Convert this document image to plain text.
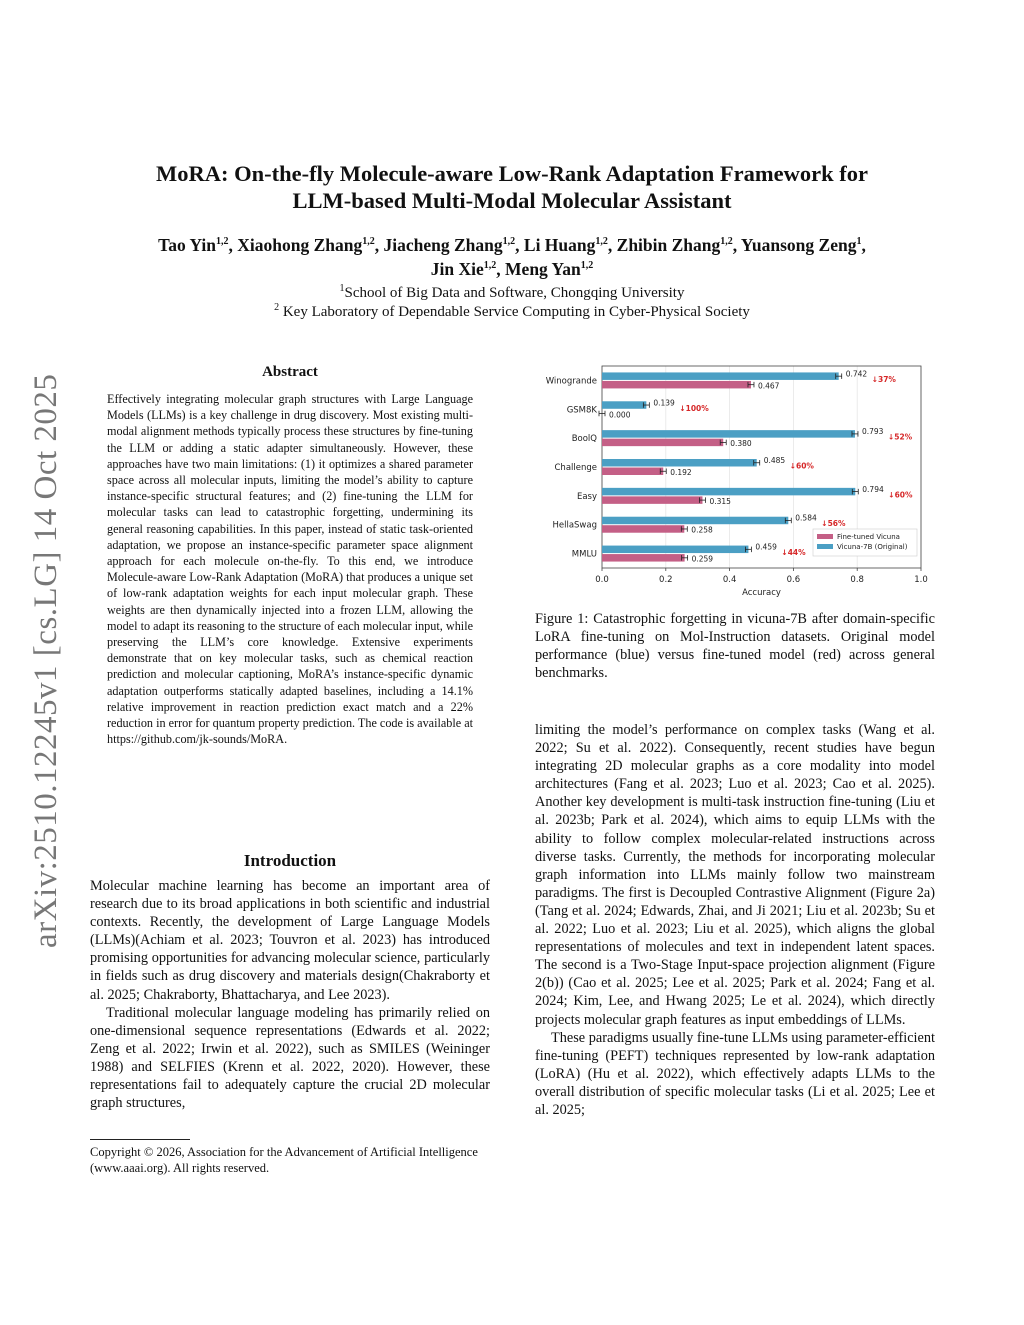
arXiv:2510.12245v1 [cs.LG] 14 Oct 2025
MoRA: On-the-fly Molecule-aware Low-Rank Adaptation Framework for
LLM-based Multi-Modal Molecular Assistant
Tao Yin$^{1,2}$, Xiaohong Zhang$^{1,2}$, Jiacheng Zhang$^{1,2}$, Li Huang$^{1,2}$, Zhibin Zhang$^{1,2}$, Yuansong Zeng$^1$,
Jin Xie$^{1,2}$, Meng Yan$^{1,2}$
$^1$School of Big Data and Software, Chongqing University
$^2$ Key Laboratory of Dependable Service Computing in Cyber-Physical Society
Abstract
Effectively integrating molecular graph structures with Large Language Models (LLMs) is a key challenge in drug discovery. Most existing multi-modal alignment methods typically process these structures by fine-tuning the LLM or adding a static adapter simultaneously. However, these approaches have two main limitations: (1) it optimizes a shared parameter space across all molecular inputs, limiting the model’s ability to capture instance-specific structural features; and (2) fine-tuning the LLM for molecular tasks can lead to catastrophic forgetting, undermining its general reasoning capabilities. In this paper, instead of static task-oriented adaptation, we propose an instance-specific parameter space alignment approach for each molecule on-the-fly. To this end, we introduce Molecule-aware Low-Rank Adaptation (MoRA) that produces a unique set of low-rank adaptation weights for each input molecular graph. These weights are then dynamically injected into a frozen LLM, allowing the model to adapt its reasoning to the structure of each molecular input, while preserving the LLM’s core knowledge. Extensive experiments demonstrate that on key molecular tasks, such as chemical reaction prediction and molecular captioning, MoRA’s instance-specific dynamic adaptation outperforms statically adapted baselines, including a 14.1% relative improvement in reaction prediction exact match and a 22% reduction in error for quantum property prediction. The code is available at https://github.com/jk-sounds/MoRA.
Introduction

Molecular machine learning has become an important area of research due to its broad applications in both scientific and industrial contexts. Recently, the development of Large Language Models (LLMs)(Achiam et al. 2023; Touvron et al. 2023) has introduced promising opportunities for advancing molecular science, particularly in fields such as drug discovery and materials design(Chakraborty et al. 2025; Chakraborty, Bhattacharya, and Lee 2023).

Traditional molecular language modeling has primarily relied on one-dimensional sequence representations (Edwards et al. 2022; Zeng et al. 2022; Irwin et al. 2022), such as SMILES (Weininger 1988) and SELFIES (Krenn et al. 2022, 2020). However, these representations fail to adequately capture the crucial 2D molecular graph structures,

Copyright © 2026, Association for the Advancement of Artificial Intelligence (www.aaai.org). All rights reserved.
0.742
↓37%
0.467
Winogrande
0.139
↓100%
0.000
GSM8K
0.793
↓52%
0.380
BoolQ
0.485
↓60%
0.192
Challenge
0.794
↓60%
0.315
Easy
0.584
↓56%
0.258
HellaSwag
0.459
↓44%
0.259
MMLU
0.0	0.2	0.4	0.6	0.8	1.0
Accuracy
Fine-tuned Vicuna
Vicuna-7B (Original)
Figure 1: Catastrophic forgetting in vicuna-7B after domain-specific LoRA fine-tuning on Mol-Instruction datasets. Original model performance (blue) versus fine-tuned model (red) across general benchmarks.

limiting the model’s performance on complex tasks (Wang et al. 2022; Su et al. 2022). Consequently, recent studies have begun integrating 2D molecular graphs as a core modality into model architectures (Fang et al. 2023; Luo et al. 2023; Cao et al. 2025). Another key development is multi-task instruction fine-tuning (Liu et al. 2023b; Park et al. 2024), which aims to equip LLMs with the ability to follow complex molecular-related instructions across diverse tasks. Currently, the methods for incorporating molecular graph information into LLMs mainly follow two mainstream paradigms. The first is Decoupled Contrastive Alignment (Figure 2a) (Tang et al. 2024; Edwards, Zhai, and Ji 2021; Liu et al. 2023b; Su et al. 2022; Luo et al. 2023; Liu et al. 2025), which aligns the global representations of molecules and text in independent latent spaces. The second is a Two-Stage Input-space projection alignment (Figure 2(b)) (Cao et al. 2025; Lee et al. 2025; Park et al. 2024; Fang et al. 2024; Kim, Lee, and Hwang 2025; Le et al. 2024), which directly projects molecular graph features as input embeddings of LLMs.

These paradigms usually fine-tune LLMs using parameter-efficient fine-tuning (PEFT) techniques represented by low-rank adaptation (LoRA) (Hu et al. 2022), which effectively adapts LLMs to the overall distribution of specific molecular tasks (Li et al. 2025; Lee et al. 2025;
